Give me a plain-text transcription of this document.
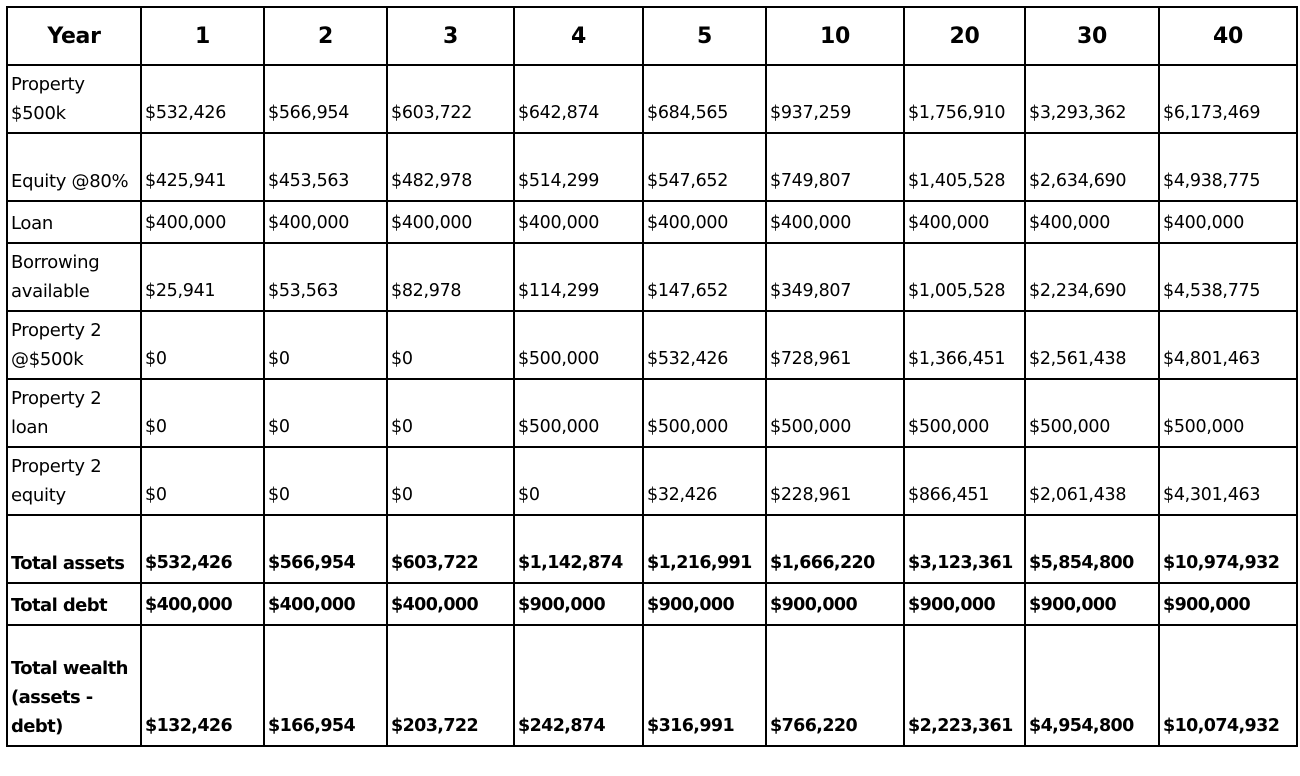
Year	1	2	3	4	5	10	20	30	40
Property $500k	$532,426	$566,954	$603,722	$642,874	$684,565	$937,259	$1,756,910	$3,293,362	$6,173,469
Equity @80%	$425,941	$453,563	$482,978	$514,299	$547,652	$749,807	$1,405,528	$2,634,690	$4,938,775
Loan	$400,000	$400,000	$400,000	$400,000	$400,000	$400,000	$400,000	$400,000	$400,000
Borrowing available	$25,941	$53,563	$82,978	$114,299	$147,652	$349,807	$1,005,528	$2,234,690	$4,538,775
Property 2 @$500k	$0	$0	$0	$500,000	$532,426	$728,961	$1,366,451	$2,561,438	$4,801,463
Property 2 loan	$0	$0	$0	$500,000	$500,000	$500,000	$500,000	$500,000	$500,000
Property 2 equity	$0	$0	$0	$0	$32,426	$228,961	$866,451	$2,061,438	$4,301,463
Total assets	$532,426	$566,954	$603,722	$1,142,874	$1,216,991	$1,666,220	$3,123,361	$5,854,800	$10,974,932
Total debt	$400,000	$400,000	$400,000	$900,000	$900,000	$900,000	$900,000	$900,000	$900,000
Total wealth (assets - debt)	$132,426	$166,954	$203,722	$242,874	$316,991	$766,220	$2,223,361	$4,954,800	$10,074,932
